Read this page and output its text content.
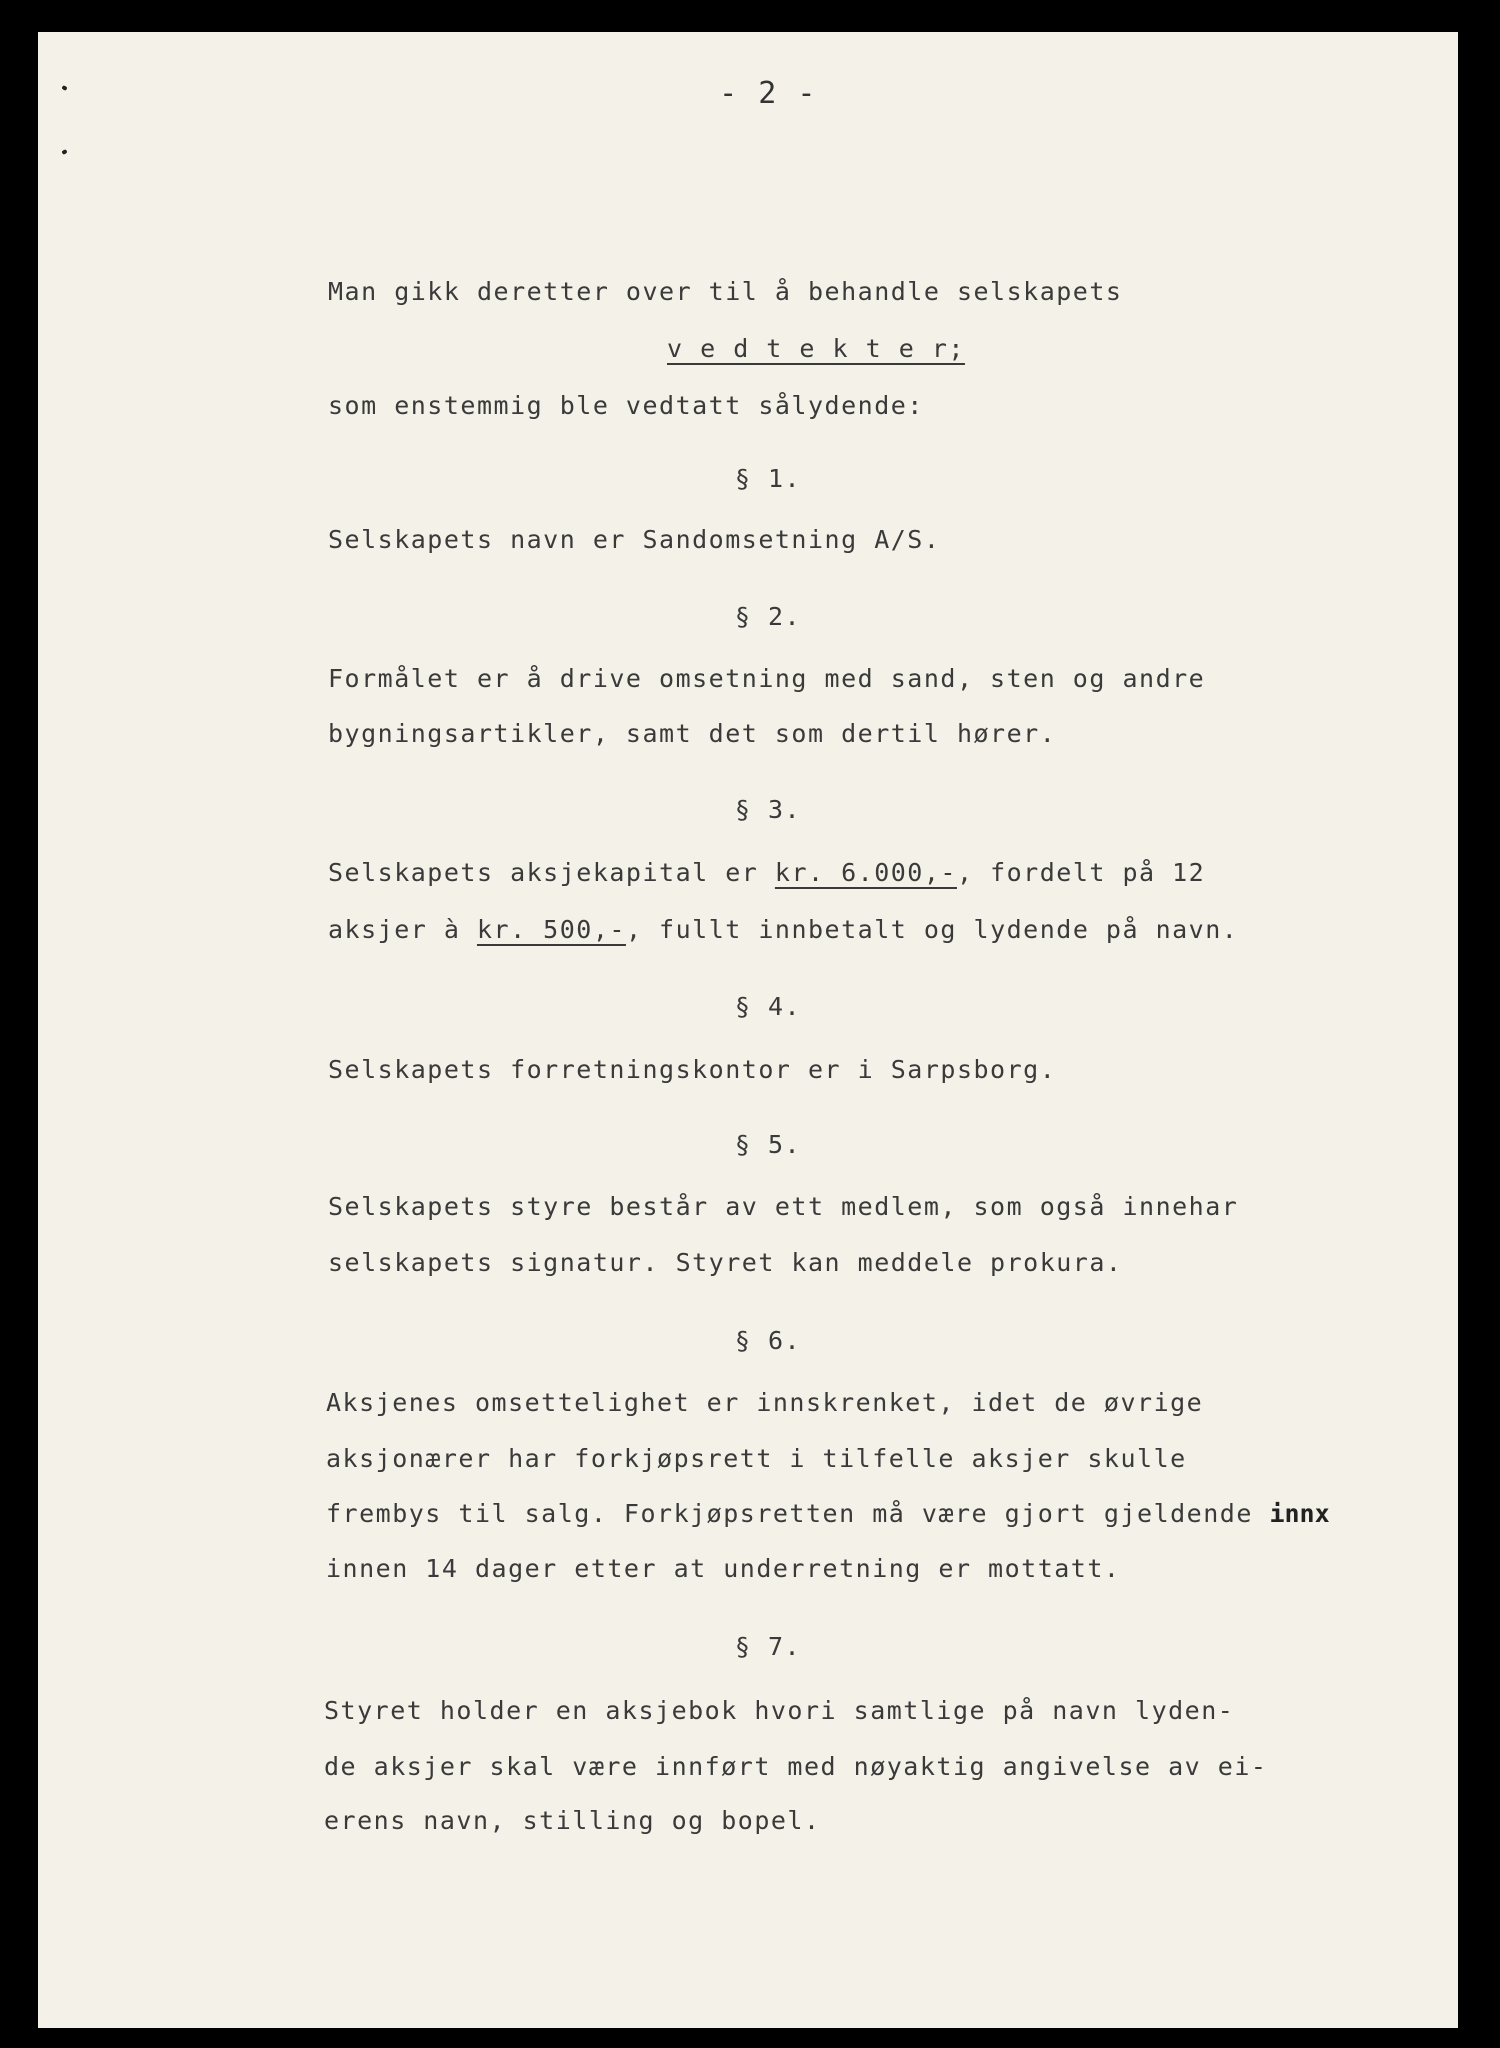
- 2 -
Man gikk deretter over til å behandle selskapets
v e d t e k t e r;
som enstemmig ble vedtatt sålydende:
§ 1.
Selskapets navn er Sandomsetning A/S.
§ 2.
Formålet er å drive omsetning med sand, sten og andre
bygningsartikler, samt det som dertil hører.
§ 3.
Selskapets aksjekapital er kr. 6.000,-, fordelt på 12
aksjer à kr. 500,-, fullt innbetalt og lydende på navn.
§ 4.
Selskapets forretningskontor er i Sarpsborg.
§ 5.
Selskapets styre består av ett medlem, som også innehar
selskapets signatur. Styret kan meddele prokura.
§ 6.
Aksjenes omsettelighet er innskrenket, idet de øvrige
aksjonærer har forkjøpsrett i tilfelle aksjer skulle
frembys til salg. Forkjøpsretten må være gjort gjeldende innx
innen 14 dager etter at underretning er mottatt.
§ 7.
Styret holder en aksjebok hvori samtlige på navn lyden-
de aksjer skal være innført med nøyaktig angivelse av ei-
erens navn, stilling og bopel.
